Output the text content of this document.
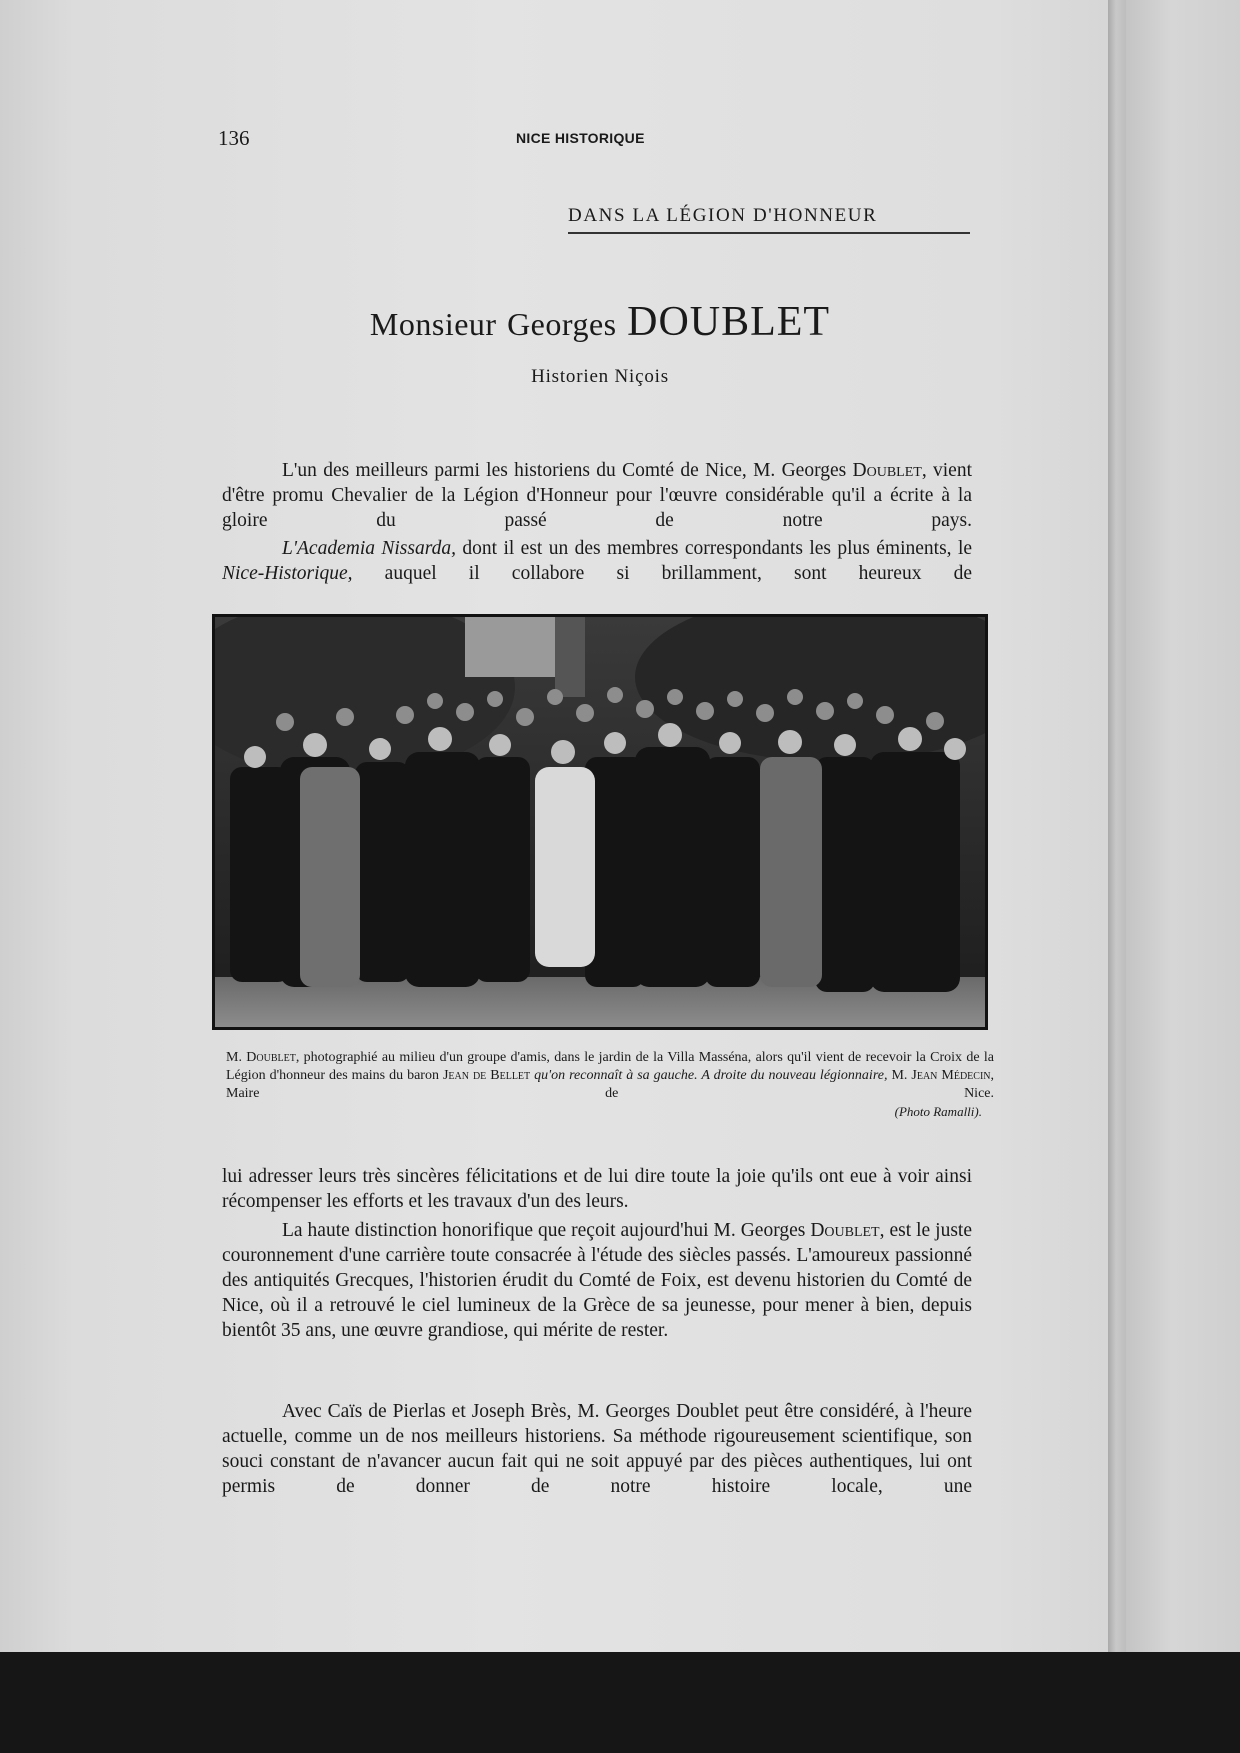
136	NICE HISTORIQUE
DANS LA LÉGION D'HONNEUR
Monsieur Georges DOUBLET
Historien Niçois
L'un des meilleurs parmi les historiens du Comté de Nice, M. Georges Doublet, vient d'être promu Chevalier de la Légion d'Honneur pour l'œuvre considérable qu'il a écrite à la gloire du passé de notre pays.
L'Academia Nissarda, dont il est un des membres correspondants les plus éminents, le Nice-Historique, auquel il collabore si brillamment, sont heureux de
M. Doublet, photographié au milieu d'un groupe d'amis, dans le jardin de la Villa Masséna, alors qu'il vient de recevoir la Croix de la Légion d'honneur des mains du baron Jean de Bellet qu'on reconnaît à sa gauche. A droite du nouveau légionnaire, M. Jean Médecin, Maire de Nice.
(Photo Ramalli).
lui adresser leurs très sincères félicitations et de lui dire toute la joie qu'ils ont eue à voir ainsi récompenser les efforts et les travaux d'un des leurs.
La haute distinction honorifique que reçoit aujourd'hui M. Georges Doublet, est le juste couronnement d'une carrière toute consacrée à l'étude des siècles passés. L'amoureux passionné des antiquités Grecques, l'historien érudit du Comté de Foix, est devenu historien du Comté de Nice, où il a retrouvé le ciel lumineux de la Grèce de sa jeunesse, pour mener à bien, depuis bientôt 35 ans, une œuvre grandiose, qui mérite de rester.
Avec Caïs de Pierlas et Joseph Brès, M. Georges Doublet peut être considéré, à l'heure actuelle, comme un de nos meilleurs historiens. Sa méthode rigoureusement scientifique, son souci constant de n'avancer aucun fait qui ne soit appuyé par des pièces authentiques, lui ont permis de donner de notre histoire locale, une
